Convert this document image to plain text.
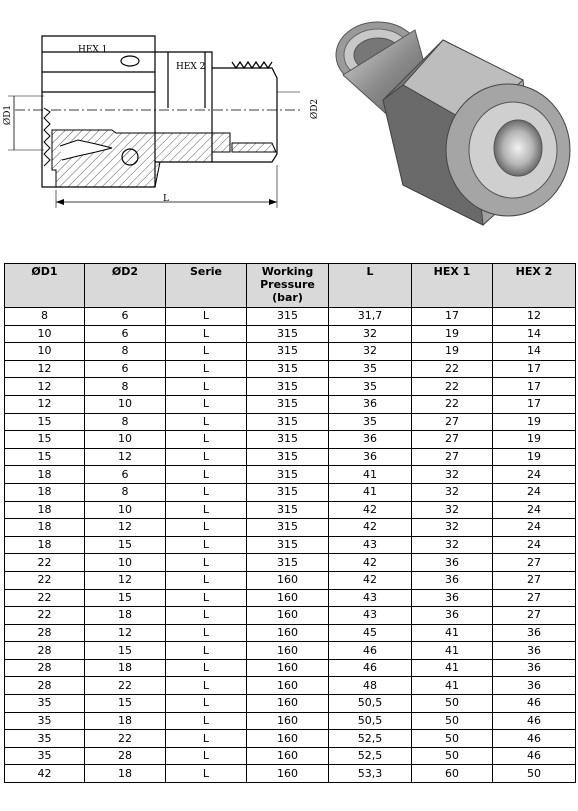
HEX 1
HEX 2
ØD1	ØD2
L
ØD1	ØD2	Serie	Working Pressure (bar)	L	HEX 1	HEX 2
8	6	L	315	31,7	17	12
10	6	L	315	32	19	14
10	8	L	315	32	19	14
12	6	L	315	35	22	17
12	8	L	315	35	22	17
12	10	L	315	36	22	17
15	8	L	315	35	27	19
15	10	L	315	36	27	19
15	12	L	315	36	27	19
18	6	L	315	41	32	24
18	8	L	315	41	32	24
18	10	L	315	42	32	24
18	12	L	315	42	32	24
18	15	L	315	43	32	24
22	10	L	315	42	36	27
22	12	L	160	42	36	27
22	15	L	160	43	36	27
22	18	L	160	43	36	27
28	12	L	160	45	41	36
28	15	L	160	46	41	36
28	18	L	160	46	41	36
28	22	L	160	48	41	36
35	15	L	160	50,5	50	46
35	18	L	160	50,5	50	46
35	22	L	160	52,5	50	46
35	28	L	160	52,5	50	46
42	18	L	160	53,3	60	50
